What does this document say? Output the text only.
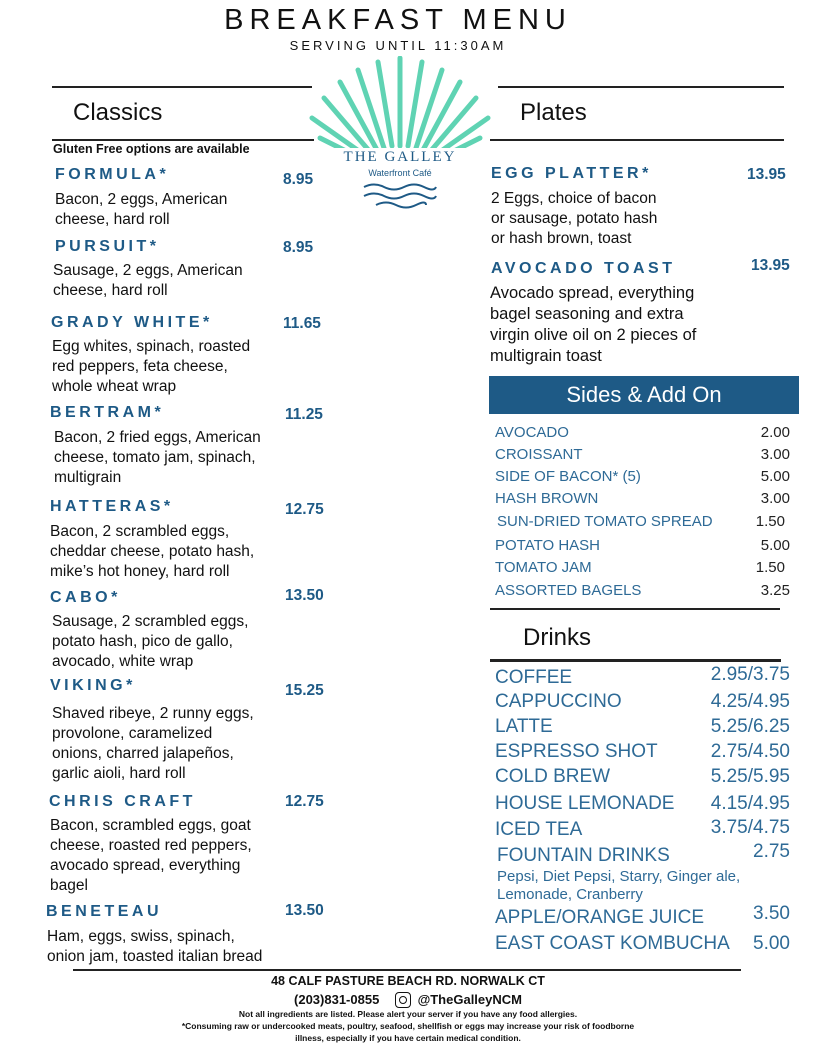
BREAKFAST MENU
SERVING UNTIL 11:30AM
THE GALLEY
Waterfront Café
Classics
Gluten Free options are available
FORMULA*	8.95
Bacon, 2 eggs, American
cheese, hard roll
PURSUIT*	8.95
Sausage, 2 eggs, American
cheese, hard roll
GRADY WHITE*	11.65
Egg whites, spinach, roasted
red peppers, feta cheese,
whole wheat wrap
BERTRAM*	11.25
Bacon, 2 fried eggs, American
cheese, tomato jam, spinach,
multigrain
HATTERAS*	12.75
Bacon, 2 scrambled eggs,
cheddar cheese, potato hash,
mike’s hot honey, hard roll
CABO*	13.50
Sausage, 2 scrambled eggs,
potato hash, pico de gallo,
avocado, white wrap
VIKING*	15.25
Shaved ribeye, 2 runny eggs,
provolone, caramelized
onions, charred jalapeños,
garlic aioli, hard roll
CHRIS CRAFT	12.75
Bacon, scrambled eggs, goat
cheese, roasted red peppers,
avocado spread, everything
bagel
BENETEAU	13.50
Ham, eggs, swiss, spinach,
onion jam, toasted italian bread
Plates
EGG PLATTER*	13.95
2 Eggs, choice of bacon
or sausage, potato hash
or hash brown, toast
AVOCADO TOAST	13.95
Avocado spread, everything
bagel seasoning and extra
virgin olive oil on 2 pieces of
multigrain toast
Sides & Add On
AVOCADO	2.00
CROISSANT	3.00
SIDE OF BACON* (5)	5.00
HASH BROWN	3.00
SUN-DRIED TOMATO SPREAD	1.50
POTATO HASH	5.00
TOMATO JAM	1.50
ASSORTED BAGELS	3.25
Drinks
COFFEE	2.95/3.75
CAPPUCCINO	4.25/4.95
LATTE	5.25/6.25
ESPRESSO SHOT	2.75/4.50
COLD BREW	5.25/5.95
HOUSE LEMONADE 4.15/4.95
ICED TEA	3.75/4.75
FOUNTAIN DRINKS	2.75
Pepsi, Diet Pepsi, Starry, Ginger ale,
Lemonade, Cranberry
APPLE/ORANGE JUICE	3.50
EAST COAST KOMBUCHA 5.00
48 CALF PASTURE BEACH RD. NORWALK CT
(203)831-0855	@TheGalleyNCM
Not all ingredients are listed. Please alert your server if you have any food allergies.
*Consuming raw or undercooked meats, poultry, seafood, shellfish or eggs may increase your risk of foodborne
illness, especially if you have certain medical condition.
